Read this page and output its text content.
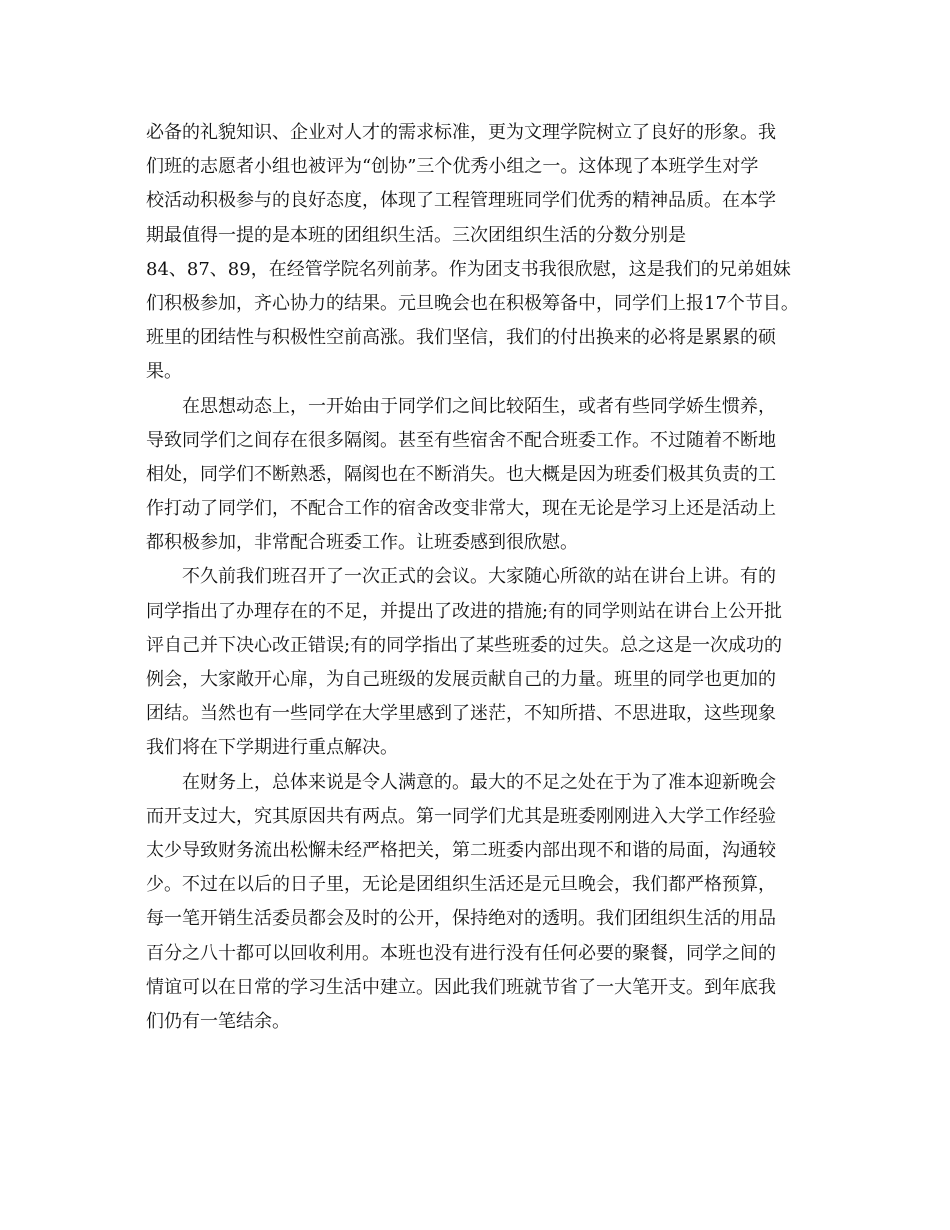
必备的礼貌知识、企业对人才的需求标准，更为文理学院树立了良好的形象。我
们班的志愿者小组也被评为“创协”三个优秀小组之一。这体现了本班学生对学
校活动积极参与的良好态度，体现了工程管理班同学们优秀的精神品质。在本学
期最值得一提的是本班的团组织生活。三次团组织生活的分数分别是
84、87、89，在经管学院名列前茅。作为团支书我很欣慰，这是我们的兄弟姐妹
们积极参加，齐心协力的结果。元旦晚会也在积极筹备中，同学们上报17个节目。
班里的团结性与积极性空前高涨。我们坚信，我们的付出换来的必将是累累的硕
果。
在思想动态上，一开始由于同学们之间比较陌生，或者有些同学娇生惯养，
导致同学们之间存在很多隔阂。甚至有些宿舍不配合班委工作。不过随着不断地
相处，同学们不断熟悉，隔阂也在不断消失。也大概是因为班委们极其负责的工
作打动了同学们，不配合工作的宿舍改变非常大，现在无论是学习上还是活动上
都积极参加，非常配合班委工作。让班委感到很欣慰。
不久前我们班召开了一次正式的会议。大家随心所欲的站在讲台上讲。有的
同学指出了办理存在的不足，并提出了改进的措施;有的同学则站在讲台上公开批
评自己并下决心改正错误;有的同学指出了某些班委的过失。总之这是一次成功的
例会，大家敞开心扉，为自己班级的发展贡献自己的力量。班里的同学也更加的
团结。当然也有一些同学在大学里感到了迷茫，不知所措、不思进取，这些现象
我们将在下学期进行重点解决。
在财务上，总体来说是令人满意的。最大的不足之处在于为了准本迎新晚会
而开支过大，究其原因共有两点。第一同学们尤其是班委刚刚进入大学工作经验
太少导致财务流出松懈未经严格把关，第二班委内部出现不和谐的局面，沟通较
少。不过在以后的日子里，无论是团组织生活还是元旦晚会，我们都严格预算，
每一笔开销生活委员都会及时的公开，保持绝对的透明。我们团组织生活的用品
百分之八十都可以回收利用。本班也没有进行没有任何必要的聚餐，同学之间的
情谊可以在日常的学习生活中建立。因此我们班就节省了一大笔开支。到年底我
们仍有一笔结余。
